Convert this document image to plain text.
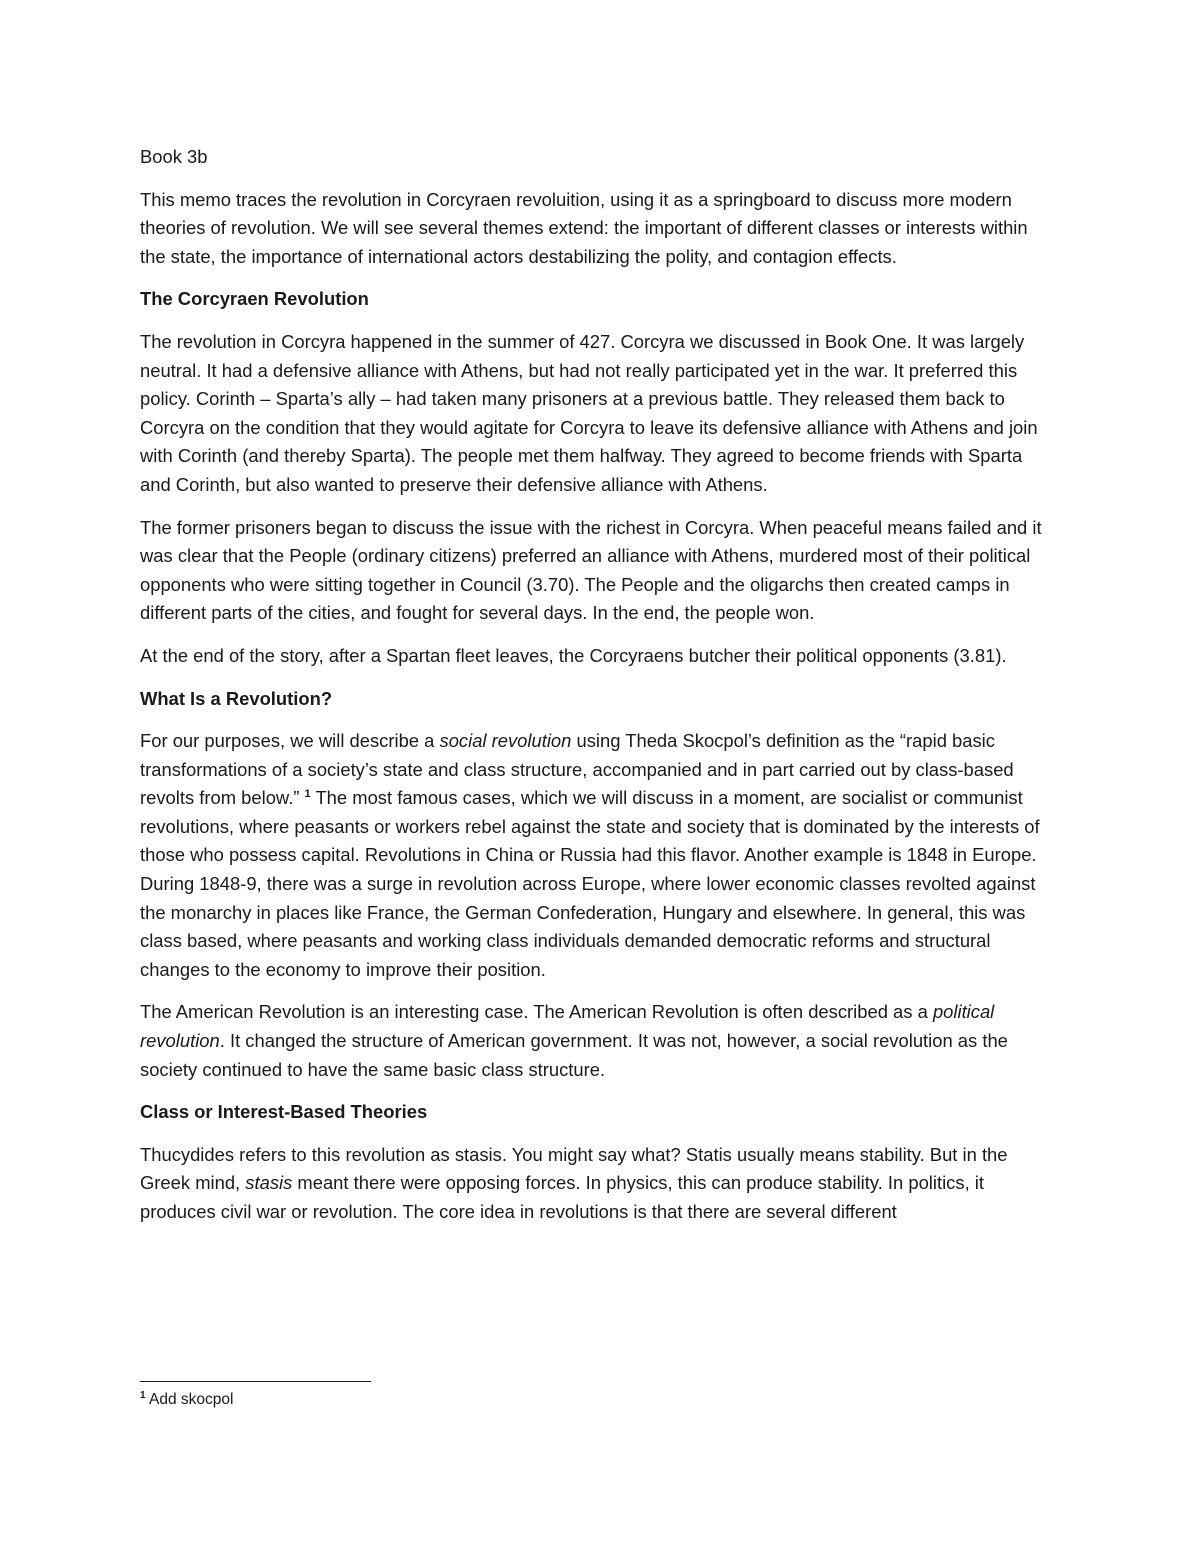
Book 3b

This memo traces the revolution in Corcyraen revoluition, using it as a springboard to discuss more modern theories of revolution. We will see several themes extend: the important of different classes or interests within the state, the importance of international actors destabilizing the polity, and contagion effects.

The Corcyraen Revolution

The revolution in Corcyra happened in the summer of 427. Corcyra we discussed in Book One. It was largely neutral. It had a defensive alliance with Athens, but had not really participated yet in the war. It preferred this policy. Corinth – Sparta’s ally – had taken many prisoners at a previous battle. They released them back to Corcyra on the condition that they would agitate for Corcyra to leave its defensive alliance with Athens and join with Corinth (and thereby Sparta). The people met them halfway. They agreed to become friends with Sparta and Corinth, but also wanted to preserve their defensive alliance with Athens.

The former prisoners began to discuss the issue with the richest in Corcyra. When peaceful means failed and it was clear that the People (ordinary citizens) preferred an alliance with Athens, murdered most of their political opponents who were sitting together in Council (3.70). The People and the oligarchs then created camps in different parts of the cities, and fought for several days. In the end, the people won.

At the end of the story, after a Spartan fleet leaves, the Corcyraens butcher their political opponents (3.81).

What Is a Revolution?

For our purposes, we will describe a social revolution using Theda Skocpol’s definition as the “rapid basic transformations of a society’s state and class structure, accompanied and in part carried out by class-based revolts from below.” $^1$ The most famous cases, which we will discuss in a moment, are socialist or communist revolutions, where peasants or workers rebel against the state and society that is dominated by the interests of those who possess capital. Revolutions in China or Russia had this flavor. Another example is 1848 in Europe. During 1848-9, there was a surge in revolution across Europe, where lower economic classes revolted against the monarchy in places like France, the German Confederation, Hungary and elsewhere. In general, this was class based, where peasants and working class individuals demanded democratic reforms and structural changes to the economy to improve their position.

The American Revolution is an interesting case. The American Revolution is often described as a political revolution. It changed the structure of American government. It was not, however, a social revolution as the society continued to have the same basic class structure.

Class or Interest-Based Theories

Thucydides refers to this revolution as stasis. You might say what? Statis usually means stability. But in the Greek mind, stasis meant there were opposing forces. In physics, this can produce stability. In politics, it produces civil war or revolution. The core idea in revolutions is that there are several different

$^1$ Add skocpol
